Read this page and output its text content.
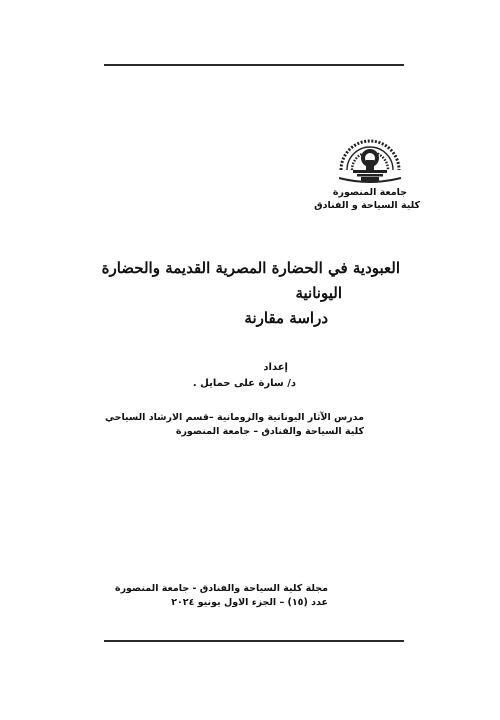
جامعة المنصورة

كلية السياحة و الفنادق

العبودية في الحضارة المصرية القديمة والحضارة

اليونانية

دراسة مقارنة

إعداد

د/ سارة على حمايل .

مدرس الآثار اليونانية والرومانية –قسم الارشاد السياحي

كلية السياحة والفنادق – جامعة المنصورة

مجلة كلية السياحة والفنادق - جامعة المنصورة

عدد (١٥) – الجزء الاول يونيو ٢٠٢٤
